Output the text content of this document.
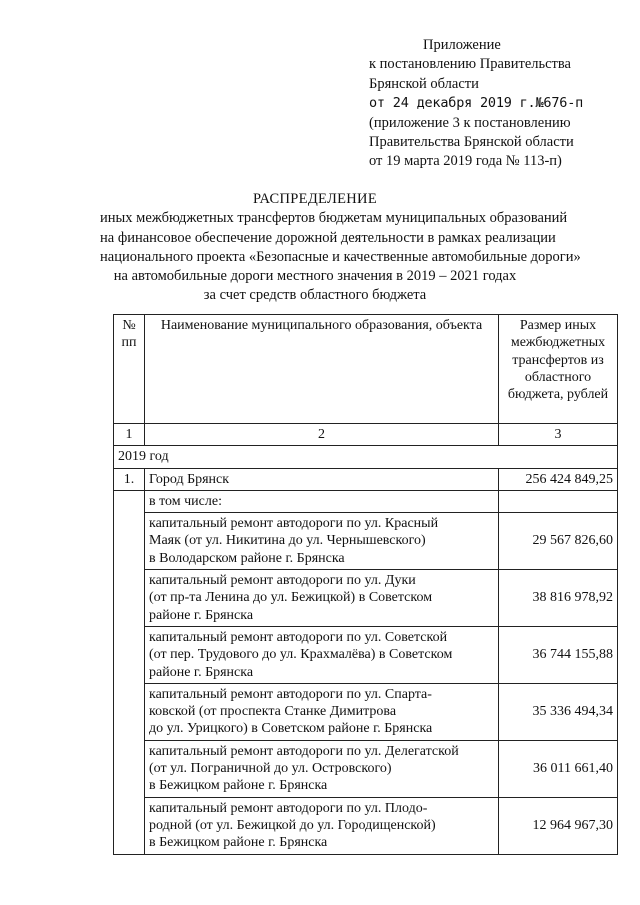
Приложение
к постановлению Правительства
Брянской области
от 24 декабря 2019 г.№676-п
(приложение 3 к постановлению
Правительства Брянской области
от 19 марта 2019 года № 113-п)
РАСПРЕДЕЛЕНИЕ
иных межбюджетных трансфертов бюджетам муниципальных образований
на финансовое обеспечение дорожной деятельности в рамках реализации
национального проекта «Безопасные и качественные автомобильные дороги»
на автомобильные дороги местного значения в 2019 – 2021 годах
за счет средств областного бюджета
№ пп	Наименование муниципального образования, объекта	Размер иных межбюджетных трансфертов из областного бюджета, рублей
1	2	3
2019 год		
1.	Город Брянск	256 424 849,25
	в том числе:	

	капитальный ремонт автодороги по ул. Красный
Маяк (от ул. Никитина до ул. Чернышевского)
в Володарском районе г. Брянска	29 567 826,60

	капитальный ремонт автодороги по ул. Дуки
(от пр-та Ленина до ул. Бежицкой) в Советском
районе г. Брянска	38 816 978,92

	капитальный ремонт автодороги по ул. Советской
(от пер. Трудового до ул. Крахмалёва) в Советском
районе г. Брянска	36 744 155,88

	капитальный ремонт автодороги по ул. Спарта-
ковской (от проспекта Станке Димитрова
до ул. Урицкого) в Советском районе г. Брянска	35 336 494,34

	капитальный ремонт автодороги по ул. Делегатской
(от ул. Пограничной до ул. Островского)
в Бежицком районе г. Брянска	36 011 661,40

	капитальный ремонт автодороги по ул. Плодо-
родной (от ул. Бежицкой до ул. Городищенской)
в Бежицком районе г. Брянска	12 964 967,30
